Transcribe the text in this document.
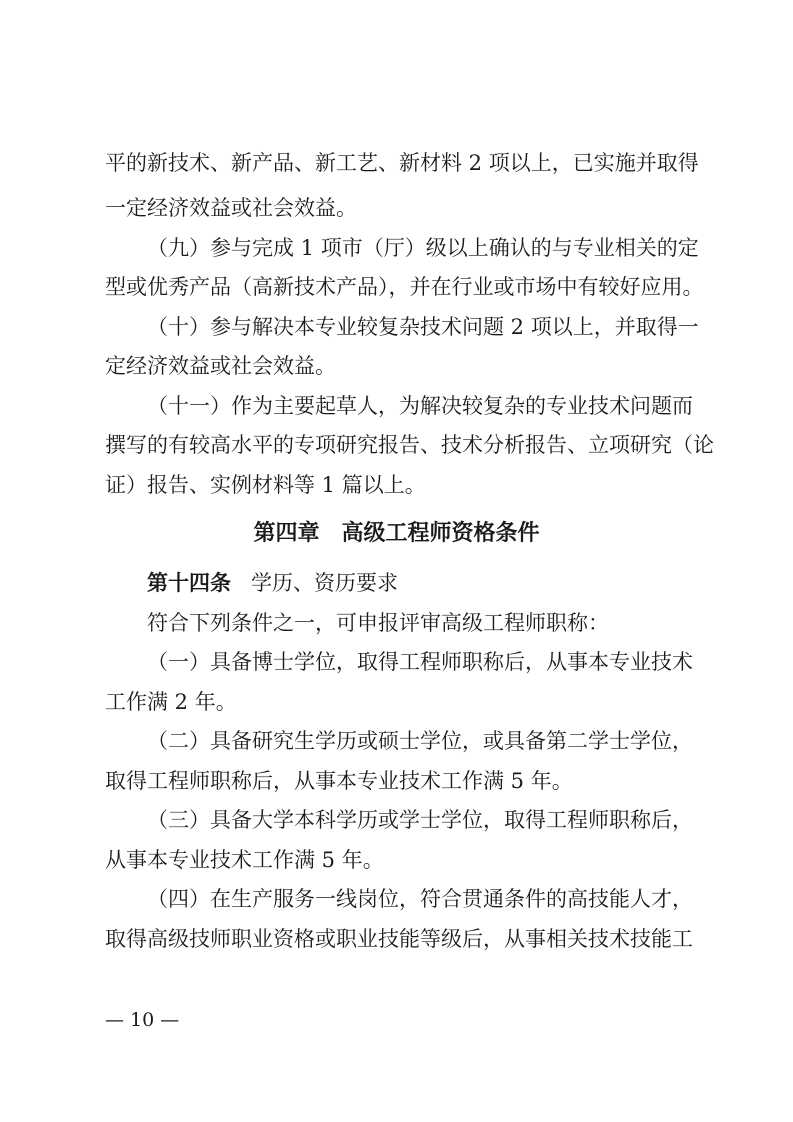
平的新技术、新产品、新工艺、新材料 2 项以上，已实施并取得
一定经济效益或社会效益。
（九）参与完成 1 项市（厅）级以上确认的与专业相关的定
型或优秀产品（高新技术产品），并在行业或市场中有较好应用。
（十）参与解决本专业较复杂技术问题 2 项以上，并取得一
定经济效益或社会效益。
（十一）作为主要起草人，为解决较复杂的专业技术问题而
撰写的有较高水平的专项研究报告、技术分析报告、立项研究（论
证）报告、实例材料等 1 篇以上。
第四章　高级工程师资格条件
第十四条 学历、资历要求
符合下列条件之一，可申报评审高级工程师职称：
（一）具备博士学位，取得工程师职称后，从事本专业技术
工作满 2 年。
（二）具备研究生学历或硕士学位，或具备第二学士学位，
取得工程师职称后，从事本专业技术工作满 5 年。
（三）具备大学本科学历或学士学位，取得工程师职称后，
从事本专业技术工作满 5 年。
（四）在生产服务一线岗位，符合贯通条件的高技能人才，
取得高级技师职业资格或职业技能等级后，从事相关技术技能工
— 10 —
